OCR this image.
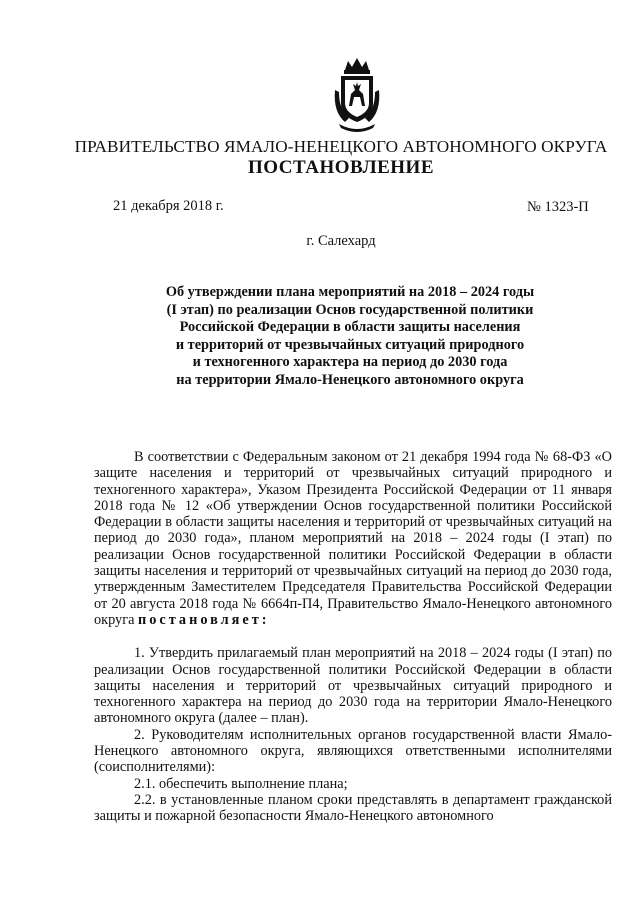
ПРАВИТЕЛЬСТВО ЯМАЛО-НЕНЕЦКОГО АВТОНОМНОГО ОКРУГА
ПОСТАНОВЛЕНИЕ
21 декабря 2018 г.	№ 1323-П
г. Салехард
Об утверждении плана мероприятий на 2018 – 2024 годы
(I этап) по реализации Основ государственной политики
Российской Федерации в области защиты населения
и территорий от чрезвычайных ситуаций природного
и техногенного характера на период до 2030 года
на территории Ямало-Ненецкого автономного округа

В соответствии с Федеральным законом от 21 декабря 1994 года № 68-ФЗ «О защите населения и территорий от чрезвычайных ситуаций природного и техногенного характера», Указом Президента Российской Федерации от 11 января 2018 года № 12 «Об утверждении Основ государственной политики Российской Федерации в области защиты населения и территорий от чрезвычайных ситуаций на период до 2030 года», планом мероприятий на 2018 – 2024 годы (I этап) по реализации Основ государственной политики Российской Федерации в области защиты населения и территорий от чрезвычайных ситуаций на период до 2030 года, утвержденным Заместителем Председателя Правительства Российской Федерации от 20 августа 2018 года № 6664п-П4, Правительство Ямало-Ненецкого автономного округа постановляет:

1. Утвердить прилагаемый план мероприятий на 2018 – 2024 годы (I этап) по реализации Основ государственной политики Российской Федерации в области защиты населения и территорий от чрезвычайных ситуаций природного и техногенного характера на период до 2030 года на территории Ямало-Ненецкого автономного округа (далее – план).

2. Руководителям исполнительных органов государственной власти Ямало-Ненецкого автономного округа, являющихся ответственными исполнителями (соисполнителями):

2.1. обеспечить выполнение плана;

2.2. в установленные планом сроки представлять в департамент гражданской защиты и пожарной безопасности Ямало-Ненецкого автономного
